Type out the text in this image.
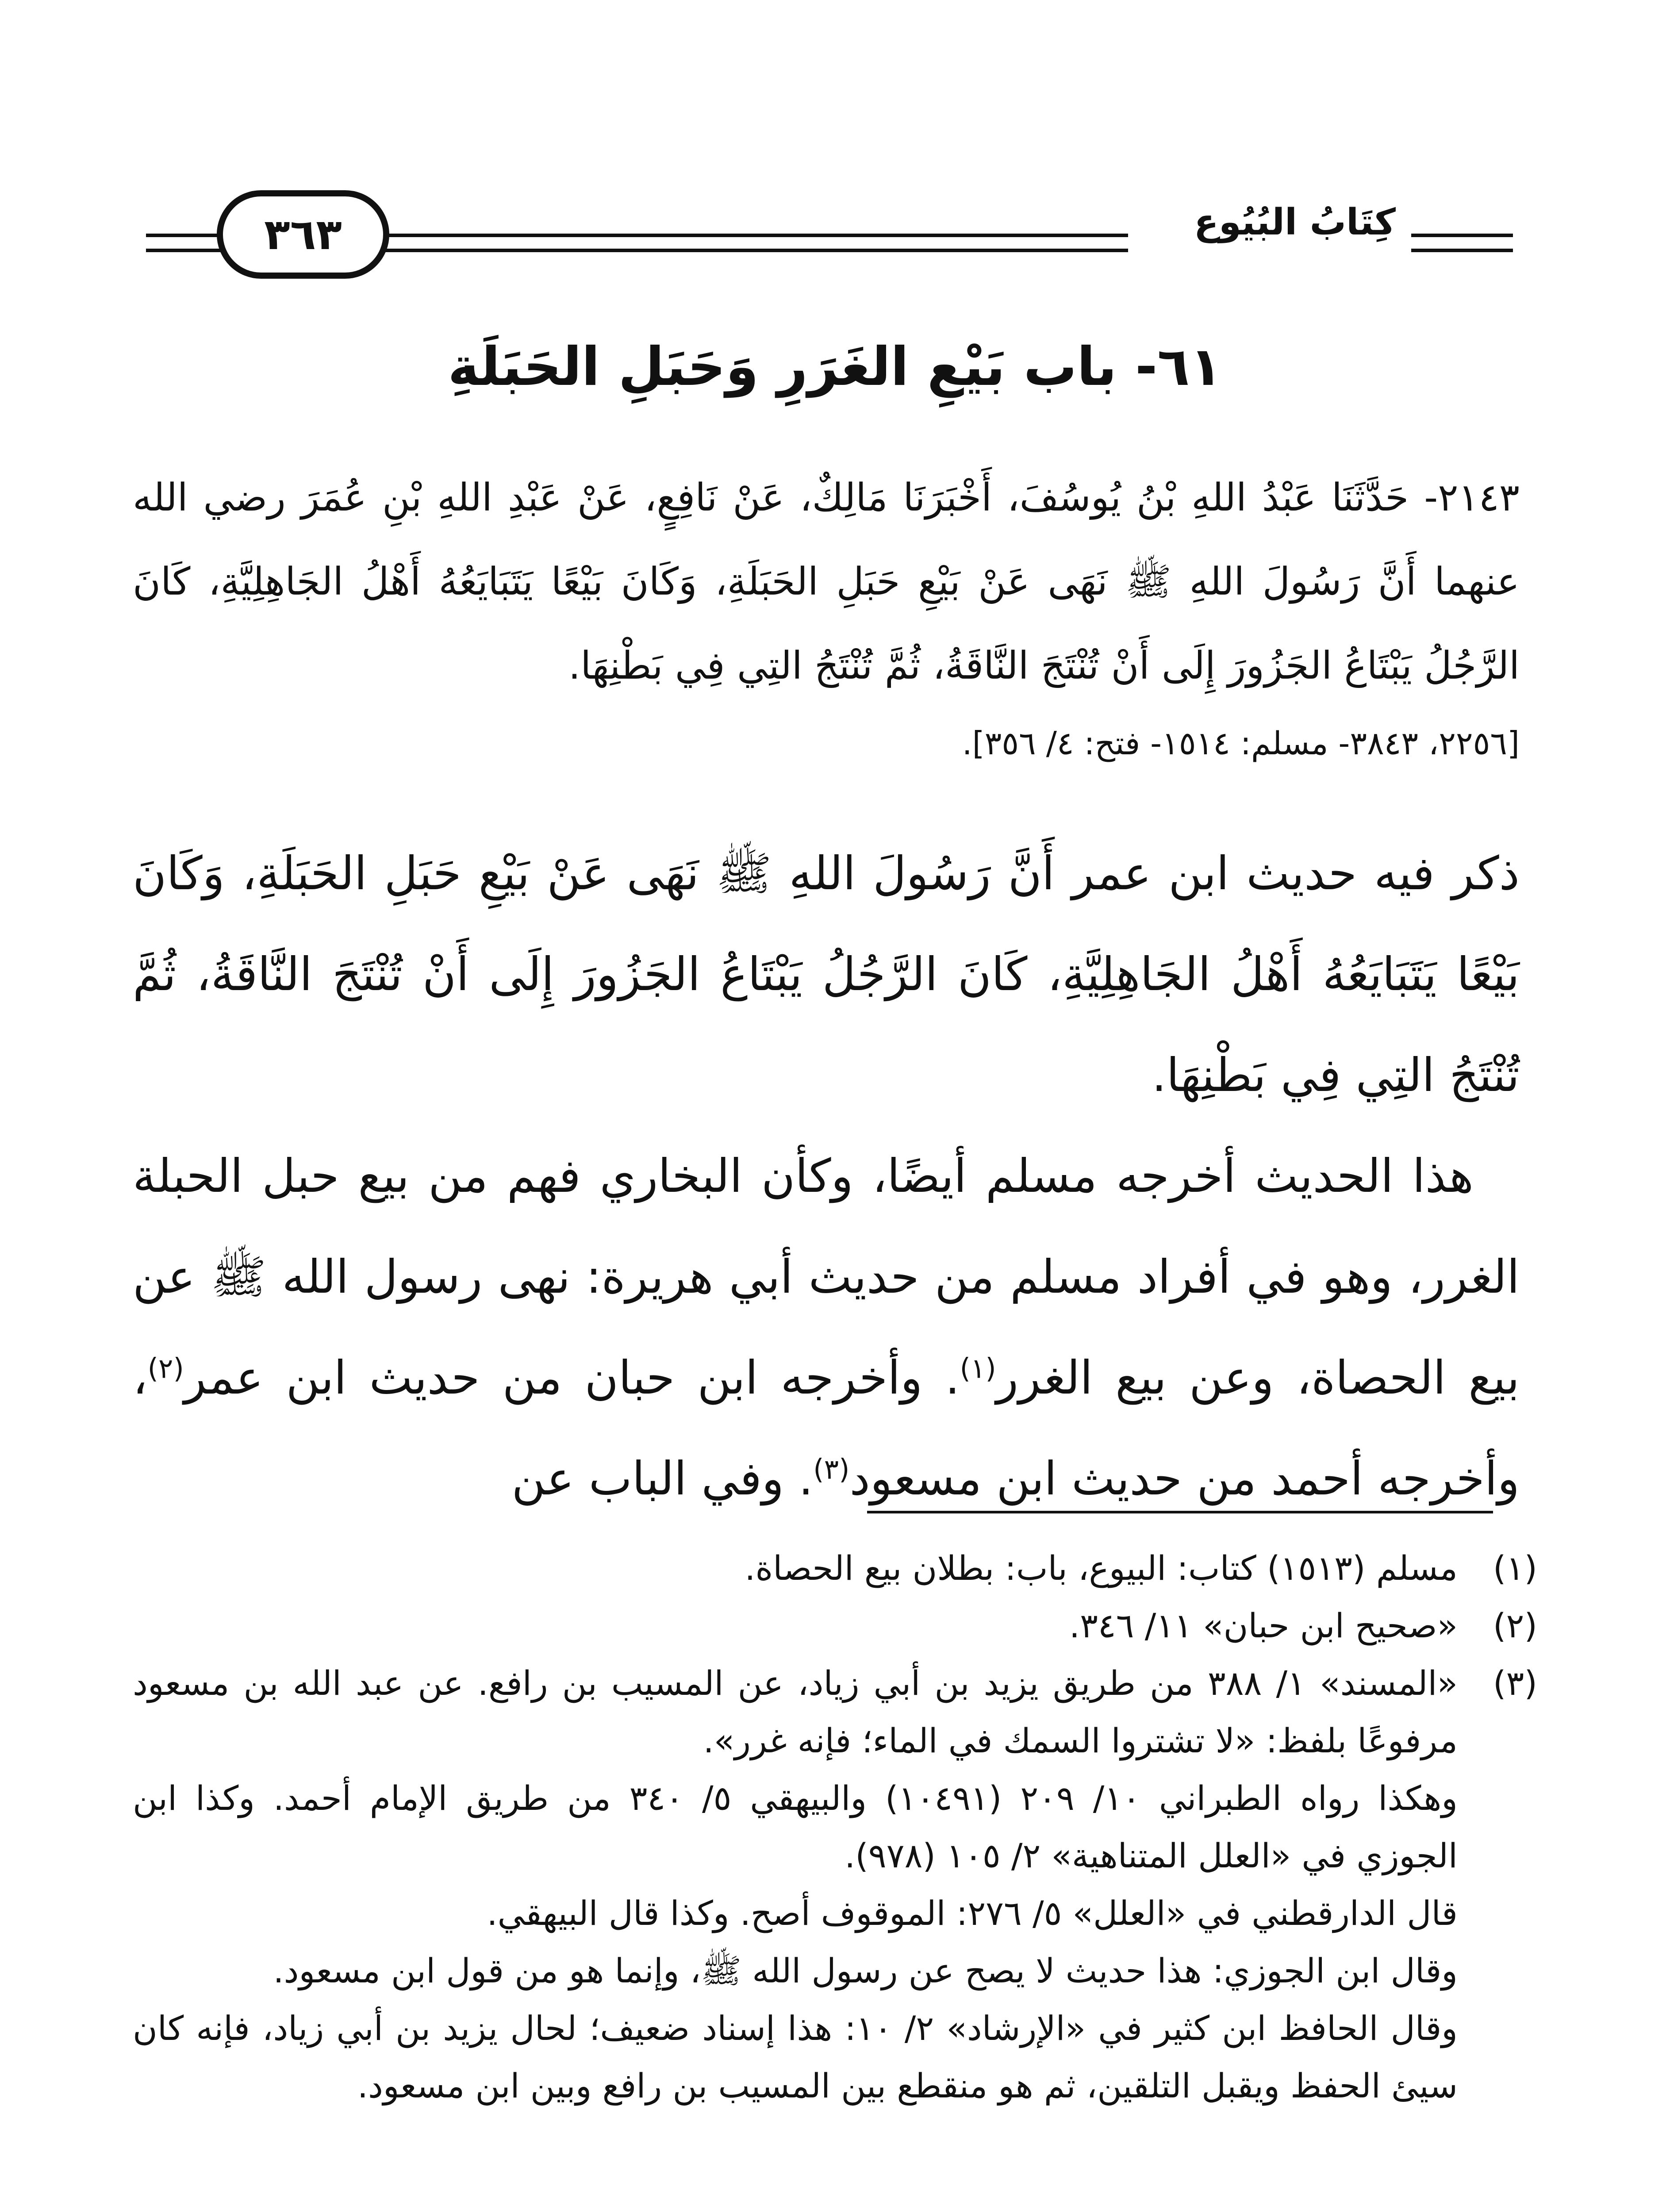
كِتَابُ البُيُوع
٣٦٣
٦١- باب بَيْعِ الغَرَرِ وَحَبَلِ الحَبَلَةِ

٢١٤٣- حَدَّثَنَا عَبْدُ اللهِ بْنُ يُوسُفَ، أَخْبَرَنَا مَالِكٌ، عَنْ نَافِعٍ، عَنْ عَبْدِ اللهِ بْنِ عُمَرَ رضي الله عنهما أَنَّ رَسُولَ اللهِ ﷺ نَهَى عَنْ بَيْعِ حَبَلِ الحَبَلَةِ، وَكَانَ بَيْعًا يَتَبَايَعُهُ أَهْلُ الجَاهِلِيَّةِ، كَانَ الرَّجُلُ يَبْتَاعُ الجَزُورَ إِلَى أَنْ تُنْتَجَ النَّاقَةُ، ثُمَّ تُنْتَجُ التِي فِي بَطْنِهَا.

[٢٢٥٦، ٣٨٤٣- مسلم: ١٥١٤- فتح: ٤/ ٣٥٦].

ذكر فيه حديث ابن عمر أَنَّ رَسُولَ اللهِ ﷺ نَهَى عَنْ بَيْعِ حَبَلِ الحَبَلَةِ، وَكَانَ بَيْعًا يَتَبَايَعُهُ أَهْلُ الجَاهِلِيَّةِ، كَانَ الرَّجُلُ يَبْتَاعُ الجَزُورَ إِلَى أَنْ تُنْتَجَ النَّاقَةُ، ثُمَّ تُنْتَجُ التِي فِي بَطْنِهَا.

 هذا الحديث أخرجه مسلم أيضًا، وكأن البخاري فهم من بيع حبل الحبلة الغرر، وهو في أفراد مسلم من حديث أبي هريرة: نهى رسول الله ﷺ عن بيع الحصاة، وعن بيع الغرر$^{(١)}$. وأخرجه ابن حبان من حديث ابن عمر$^{(٢)}$، وأخرجه أحمد من حديث ابن مسعود$^{(٣)}$. وفي الباب عن

(١)

مسلم (١٥١٣) كتاب: البيوع، باب: بطلان بيع الحصاة.

(٢)

«صحيح ابن حبان» ١١/ ٣٤٦.

(٣)

«المسند» ١/ ٣٨٨ من طريق يزيد بن أبي زياد، عن المسيب بن رافع. عن عبد الله بن مسعود مرفوعًا بلفظ: «لا تشتروا السمك في الماء؛ فإنه غرر».

وهكذا رواه الطبراني ١٠/ ٢٠٩ (١٠٤٩١) والبيهقي ٥/ ٣٤٠ من طريق الإمام أحمد. وكذا ابن الجوزي في «العلل المتناهية» ٢/ ١٠٥ (٩٧٨).

قال الدارقطني في «العلل» ٥/ ٢٧٦: الموقوف أصح. وكذا قال البيهقي.

وقال ابن الجوزي: هذا حديث لا يصح عن رسول الله ﷺ، وإنما هو من قول ابن مسعود.

وقال الحافظ ابن كثير في «الإرشاد» ٢/ ١٠: هذا إسناد ضعيف؛ لحال يزيد بن أبي زياد، فإنه كان سيئ الحفظ ويقبل التلقين، ثم هو منقطع بين المسيب بن رافع وبين ابن مسعود.
